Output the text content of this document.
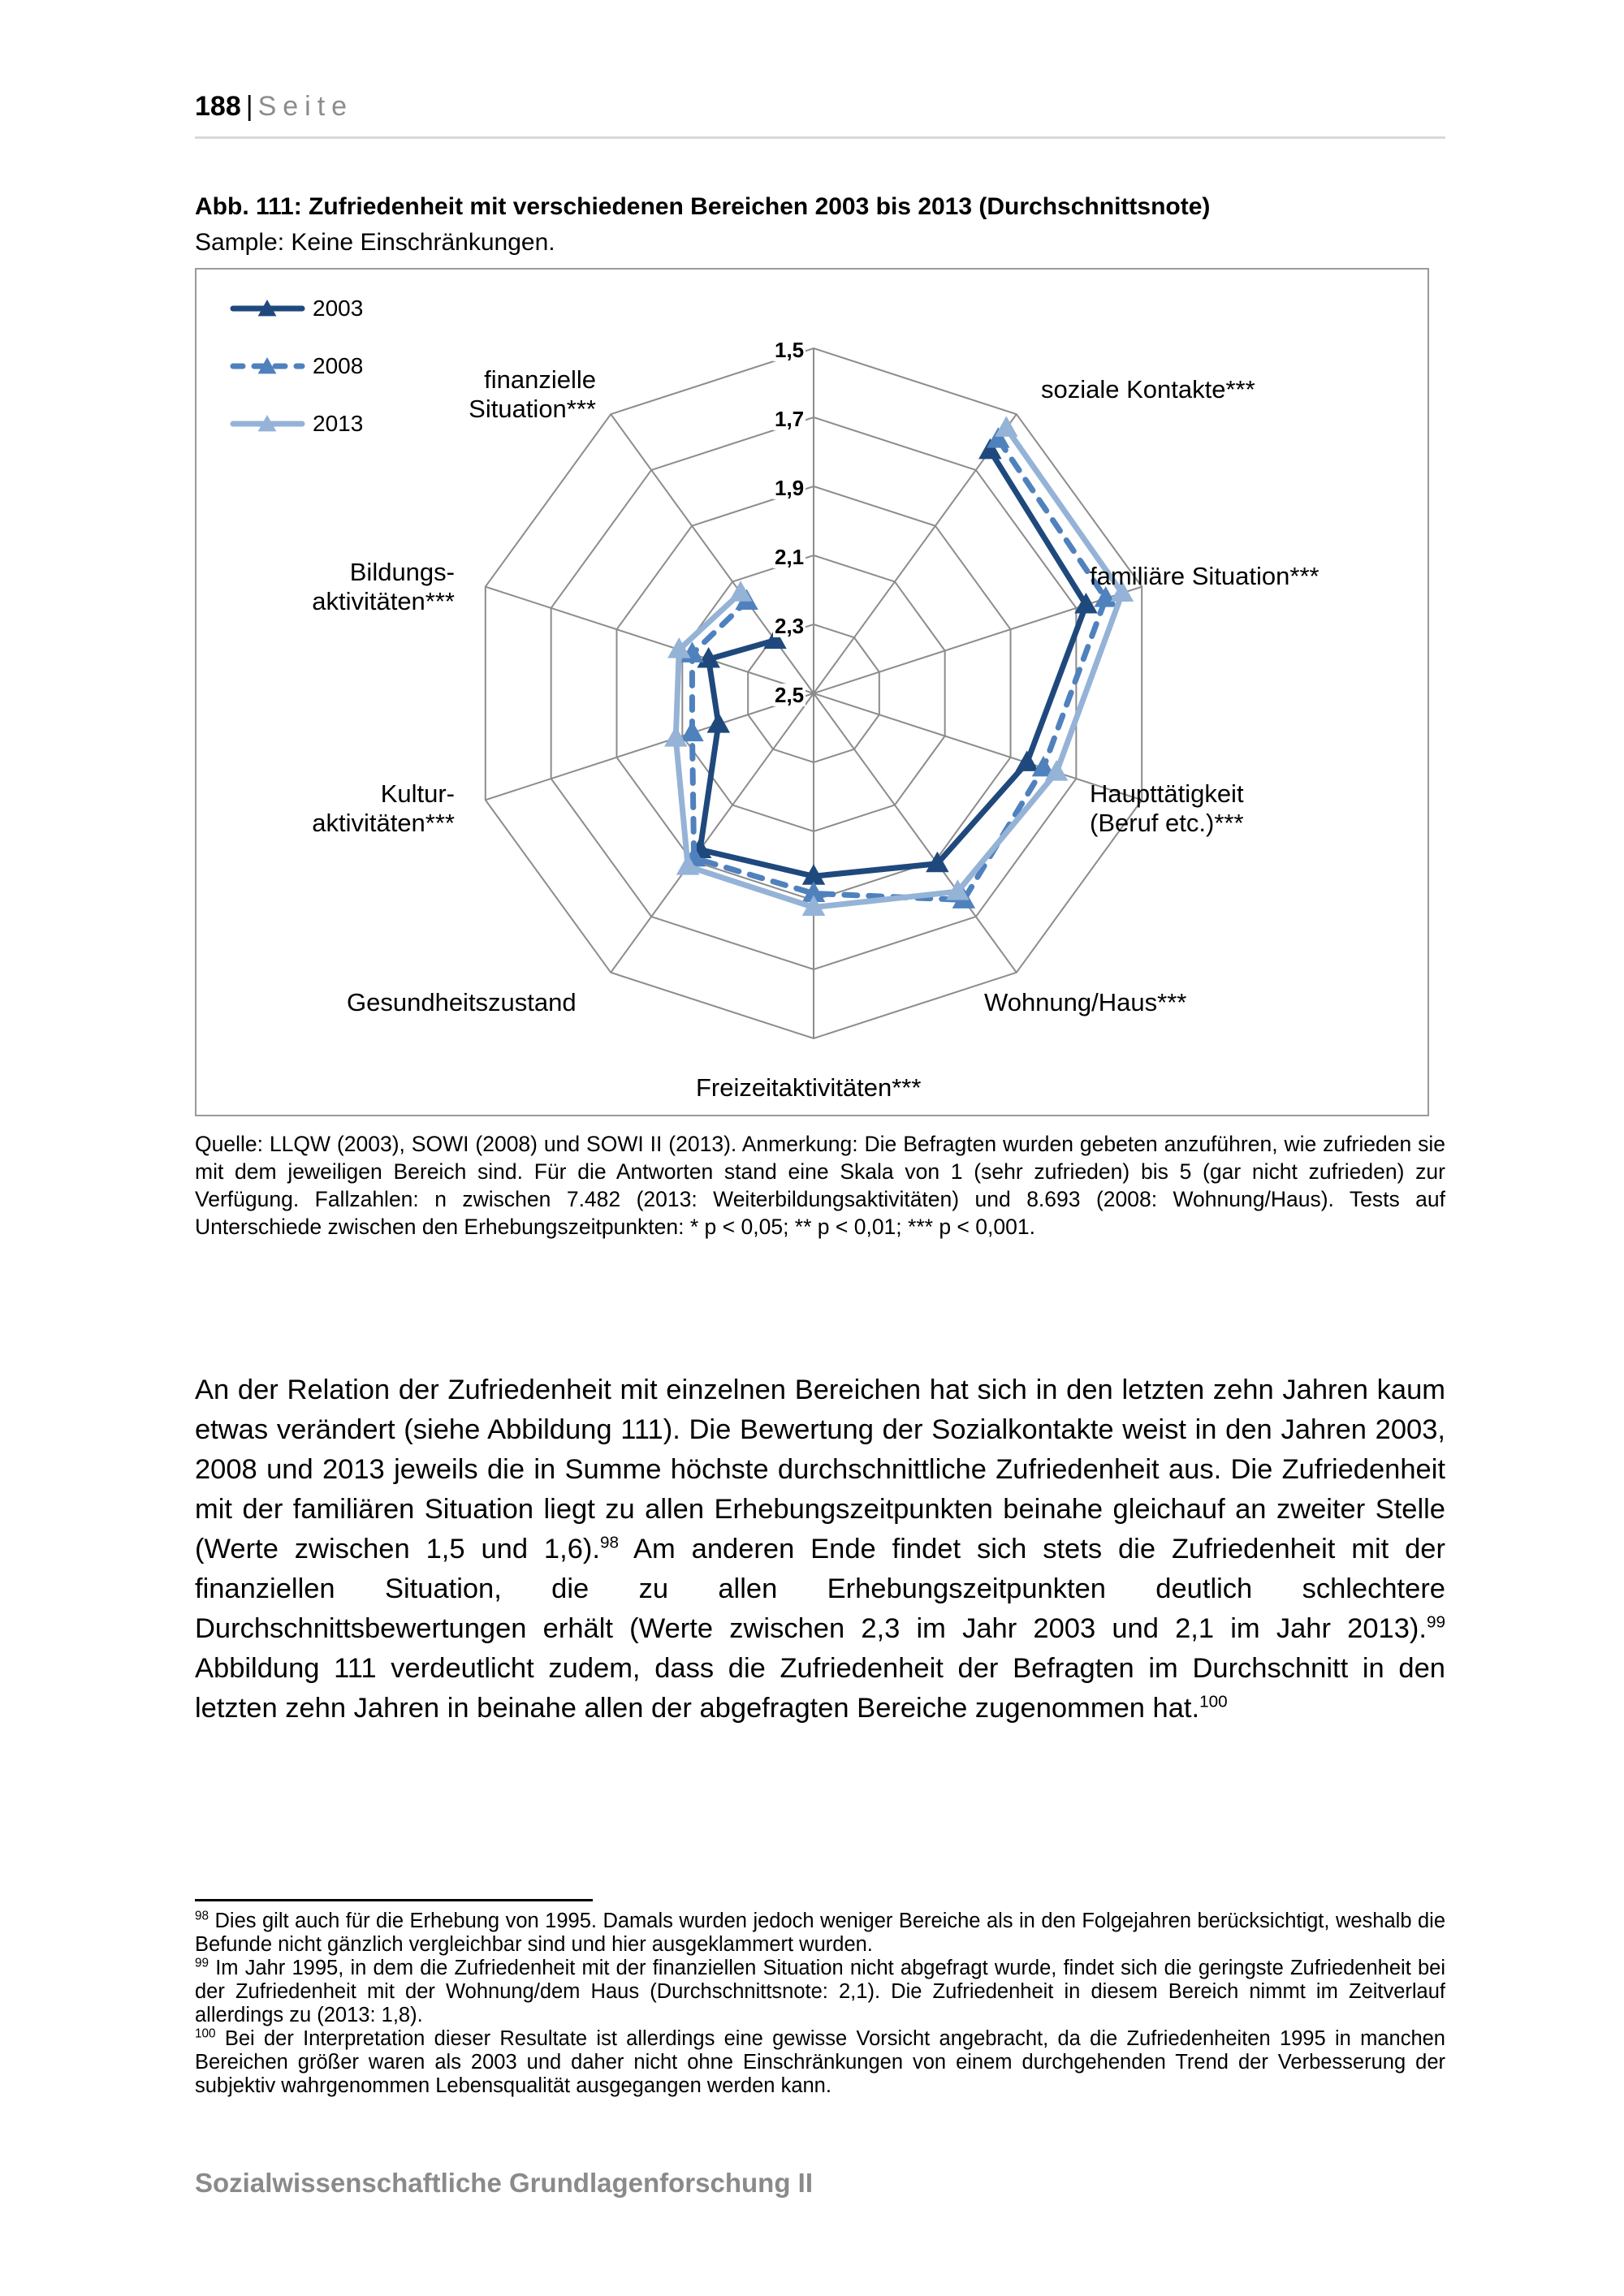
188 | Seite
Abb. 111: Zufriedenheit mit verschiedenen Bereichen 2003 bis 2013 (Durchschnittsnote)
Sample: Keine Einschränkungen.
2003
2008
2013
soziale Kontakte***
familiäre Situation***
Haupttätigkeit
(Beruf etc.)***
Wohnung/Haus***
Freizeitaktivitäten***
Gesundheitszustand
Kultur-
aktivitäten***
Bildungs-
aktivitäten***
finanzielle
Situation***
1,5
1,7
1,9
2,1
2,3
2,5
Quelle: LLQW (2003), SOWI (2008) und SOWI II (2013). Anmerkung: Die Befragten wurden gebeten anzuführen, wie zufrieden sie mit dem jeweiligen Bereich sind. Für die Antworten stand eine Skala von 1 (sehr zufrieden) bis 5 (gar nicht zufrieden) zur Verfügung. Fallzahlen: n zwischen 7.482 (2013: Weiterbildungsaktivitäten) und 8.693 (2008: Wohnung/Haus). Tests auf Unterschiede zwischen den Erhebungszeitpunkten: * p < 0,05; ** p < 0,01; *** p < 0,001.
An der Relation der Zufriedenheit mit einzelnen Bereichen hat sich in den letzten zehn Jahren kaum etwas verändert (siehe Abbildung 111). Die Bewertung der Sozialkontakte weist in den Jahren 2003, 2008 und 2013 jeweils die in Summe höchste durchschnittliche Zufriedenheit aus. Die Zufriedenheit mit der familiären Situation liegt zu allen Erhebungszeitpunkten beinahe gleichauf an zweiter Stelle (Werte zwischen 1,5 und 1,6).$^{98}$ Am anderen Ende findet sich stets die Zufriedenheit mit der finanziellen Situation, die zu allen Erhebungszeitpunkten deutlich schlechtere Durchschnittsbewertungen erhält (Werte zwischen 2,3 im Jahr 2003 und 2,1 im Jahr 2013).$^{99}$ Abbildung 111 verdeutlicht zudem, dass die Zufriedenheit der Befragten im Durchschnitt in den letzten zehn Jahren in beinahe allen der abgefragten Bereiche zugenommen hat.$^{100}$

$^{98}$ Dies gilt auch für die Erhebung von 1995. Damals wurden jedoch weniger Bereiche als in den Folgejahren berücksichtigt, weshalb die Befunde nicht gänzlich vergleichbar sind und hier ausgeklammert wurden.

$^{99}$ Im Jahr 1995, in dem die Zufriedenheit mit der finanziellen Situation nicht abgefragt wurde, findet sich die geringste Zufriedenheit bei der Zufriedenheit mit der Wohnung/dem Haus (Durchschnittsnote: 2,1). Die Zufriedenheit in diesem Bereich nimmt im Zeitverlauf allerdings zu (2013: 1,8).

$^{100}$ Bei der Interpretation dieser Resultate ist allerdings eine gewisse Vorsicht angebracht, da die Zufriedenheiten 1995 in manchen Bereichen größer waren als 2003 und daher nicht ohne Einschränkungen von einem durchgehenden Trend der Verbesserung der subjektiv wahrgenommen Lebensqualität ausgegangen werden kann.

Sozialwissenschaftliche Grundlagenforschung II
